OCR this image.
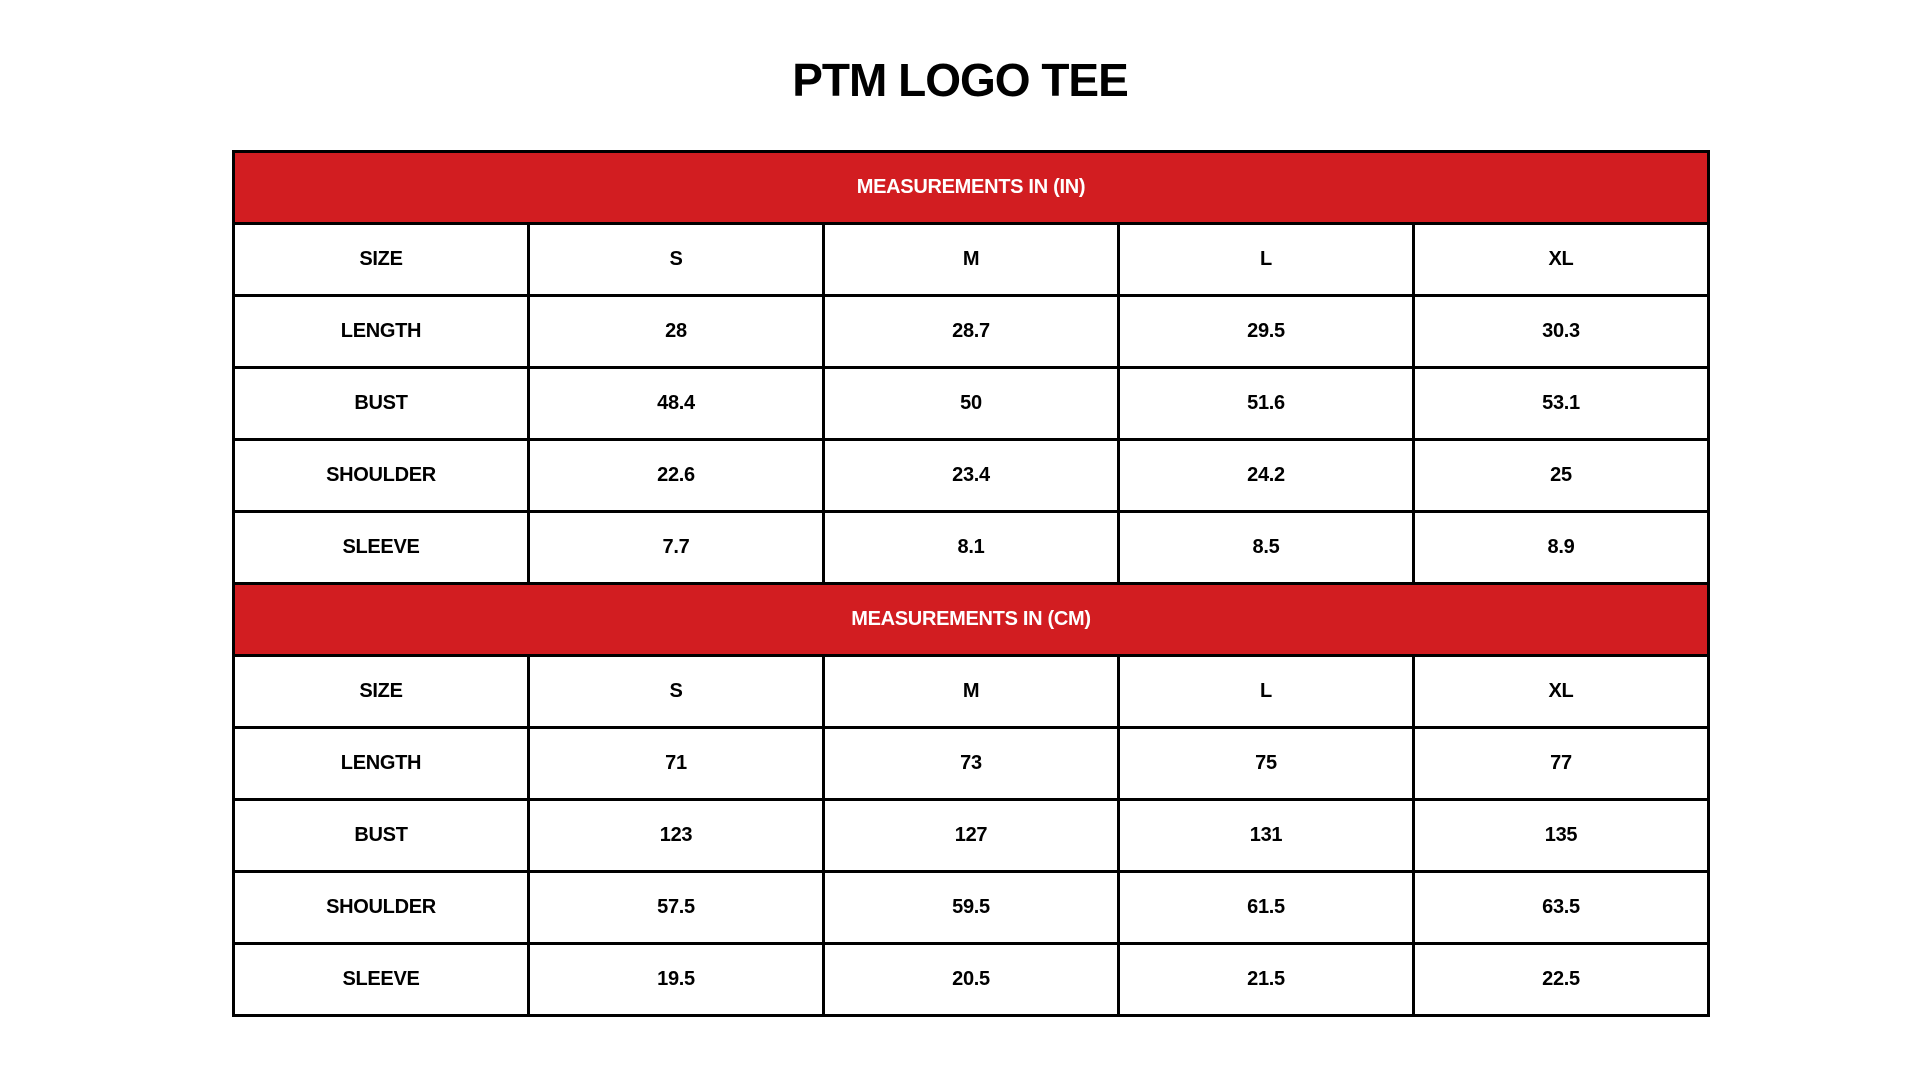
PTM LOGO TEE
MEASUREMENTS IN (IN)				
SIZE	S	M	L	XL
LENGTH	28	28.7	29.5	30.3
BUST	48.4	50	51.6	53.1
SHOULDER	22.6	23.4	24.2	25
SLEEVE	7.7	8.1	8.5	8.9
MEASUREMENTS IN (CM)				
SIZE	S	M	L	XL
LENGTH	71	73	75	77
BUST	123	127	131	135
SHOULDER	57.5	59.5	61.5	63.5
SLEEVE	19.5	20.5	21.5	22.5
